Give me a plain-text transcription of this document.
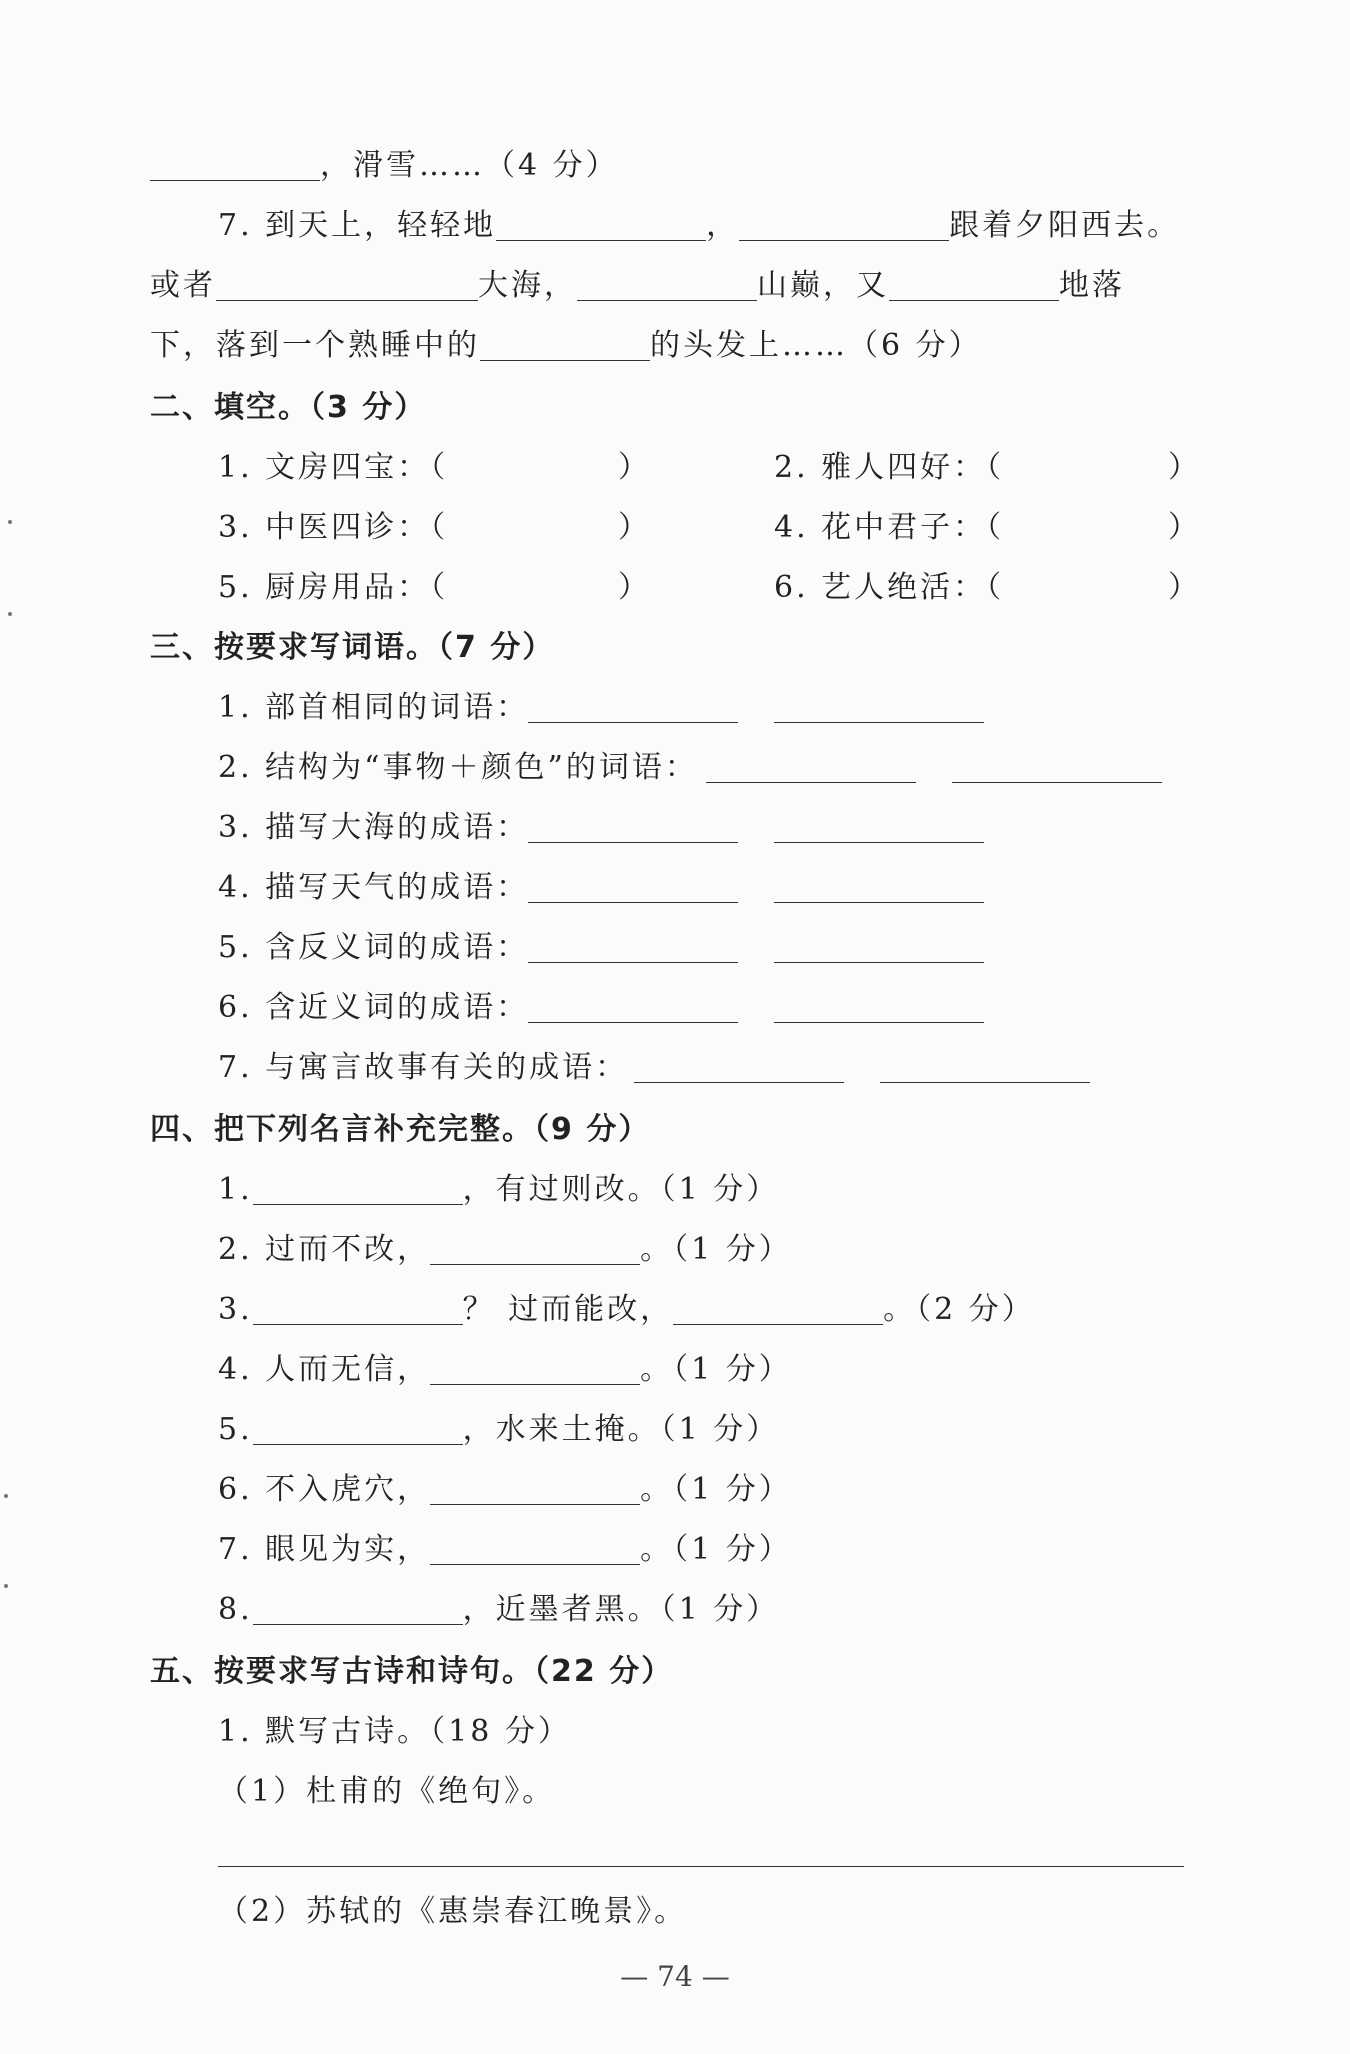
，滑雪……（4 分）
7. 到天上，轻轻地	，	跟着夕阳西去。
或者	大海，	山巅，又	地落
下，落到一个熟睡中的	的头发上……（6 分）
二、填空。（3 分）
1. 文房四宝：（	）	2. 雅人四好：（	）
3. 中医四诊：（	）	4. 花中君子：（	）
5. 厨房用品：（	）	6. 艺人绝活：（	）
三、按要求写词语。（7 分）
1. 部首相同的词语：
2. 结构为“事物＋颜色”的词语：
3. 描写大海的成语：
4. 描写天气的成语：
5. 含反义词的成语：
6. 含近义词的成语：
7. 与寓言故事有关的成语：
四、把下列名言补充完整。（9 分）
1.	，有过则改。（1 分）
2. 过而不改，	。（1 分）
3.	？ 过而能改，	。（2 分）
4. 人而无信，	。（1 分）
5.	，水来土掩。（1 分）
6. 不入虎穴，	。（1 分）
7. 眼见为实，	。（1 分）
8.	，近墨者黑。（1 分）
五、按要求写古诗和诗句。（22 分）
1. 默写古诗。（18 分）
（1）杜甫的《绝句》。
（2）苏轼的《惠崇春江晚景》。
— 74 —
